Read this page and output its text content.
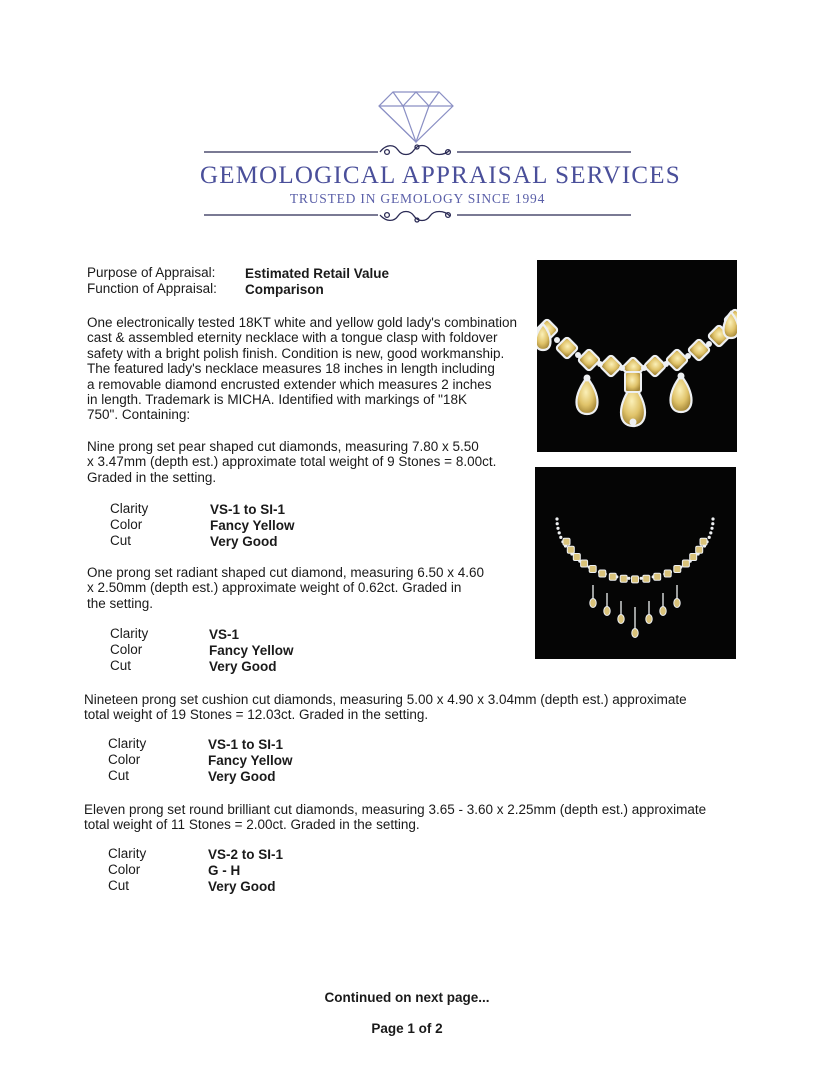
GEMOLOGICAL APPRAISAL SERVICES
TRUSTED IN GEMOLOGY SINCE 1994
Purpose of Appraisal: Estimated Retail Value
Function of Appraisal: Comparison
One electronically tested 18KT white and yellow gold lady's combination
cast & assembled eternity necklace with a tongue clasp with foldover
safety with a bright polish finish. Condition is new, good workmanship.
The featured lady's necklace measures 18 inches in length including
a removable diamond encrusted extender which measures 2 inches
in length. Trademark is MICHA. Identified with markings of "18K
750". Containing:
Nine prong set pear shaped cut diamonds, measuring 7.80 x 5.50
x 3.47mm (depth est.) approximate total weight of 9 Stones = 8.00ct.
Graded in the setting.
Clarity	VS-1 to SI-1
Color	Fancy Yellow
Cut	Very Good
One prong set radiant shaped cut diamond, measuring 6.50 x 4.60
x 2.50mm (depth est.) approximate weight of 0.62ct. Graded in
the setting.
Clarity	VS-1
Color	Fancy Yellow
Cut	Very Good
Nineteen prong set cushion cut diamonds, measuring 5.00 x 4.90 x 3.04mm (depth est.) approximate
total weight of 19 Stones = 12.03ct. Graded in the setting.
Clarity	VS-1 to SI-1
Color	Fancy Yellow
Cut	Very Good
Eleven prong set round brilliant cut diamonds, measuring 3.65 - 3.60 x 2.25mm (depth est.) approximate
total weight of 11 Stones = 2.00ct. Graded in the setting.
Clarity	VS-2 to SI-1
Color	G - H
Cut	Very Good
Continued on next page...
Page 1 of 2
